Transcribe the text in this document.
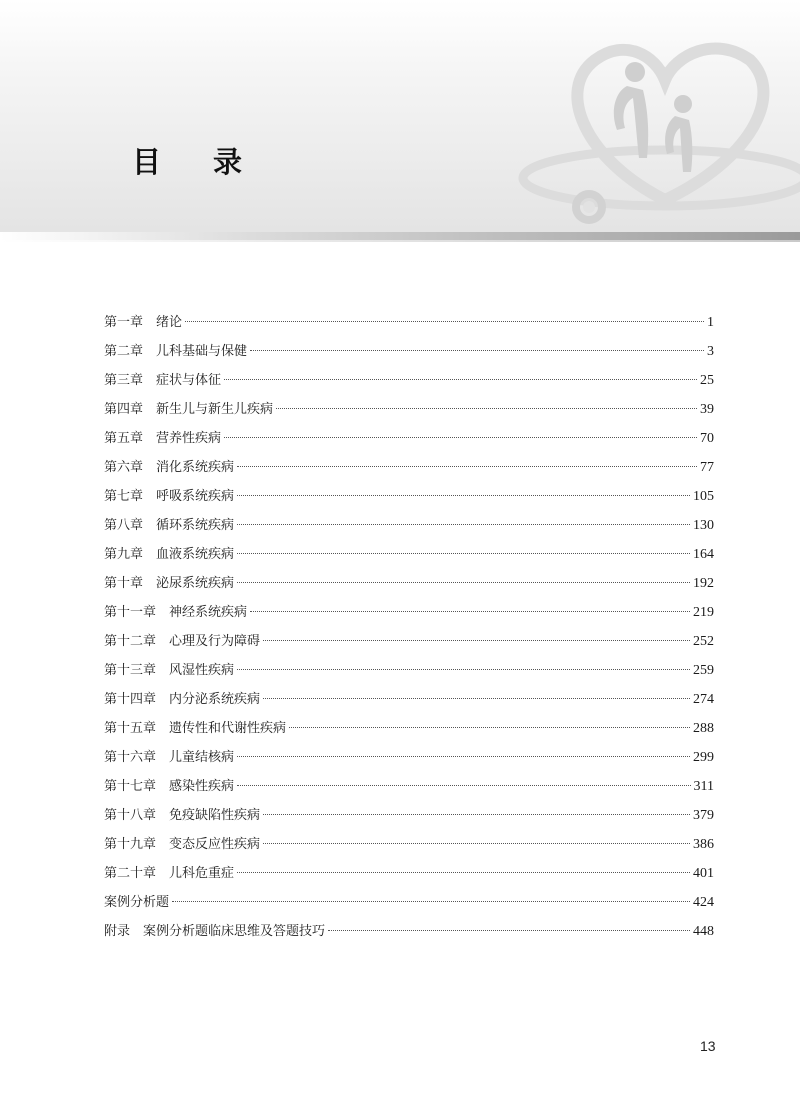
目录
第一章 绪论	1
第二章 儿科基础与保健	3
第三章 症状与体征	25
第四章 新生儿与新生儿疾病	39
第五章 营养性疾病	70
第六章 消化系统疾病	77
第七章 呼吸系统疾病	105
第八章 循环系统疾病	130
第九章 血液系统疾病	164
第十章 泌尿系统疾病	192
第十一章 神经系统疾病	219
第十二章 心理及行为障碍	252
第十三章 风湿性疾病	259
第十四章 内分泌系统疾病	274
第十五章 遗传性和代谢性疾病	288
第十六章 儿童结核病	299
第十七章 感染性疾病	311
第十八章 免疫缺陷性疾病	379
第十九章 变态反应性疾病	386
第二十章 儿科危重症	401
案例分析题	424
附录 案例分析题临床思维及答题技巧	448
13
